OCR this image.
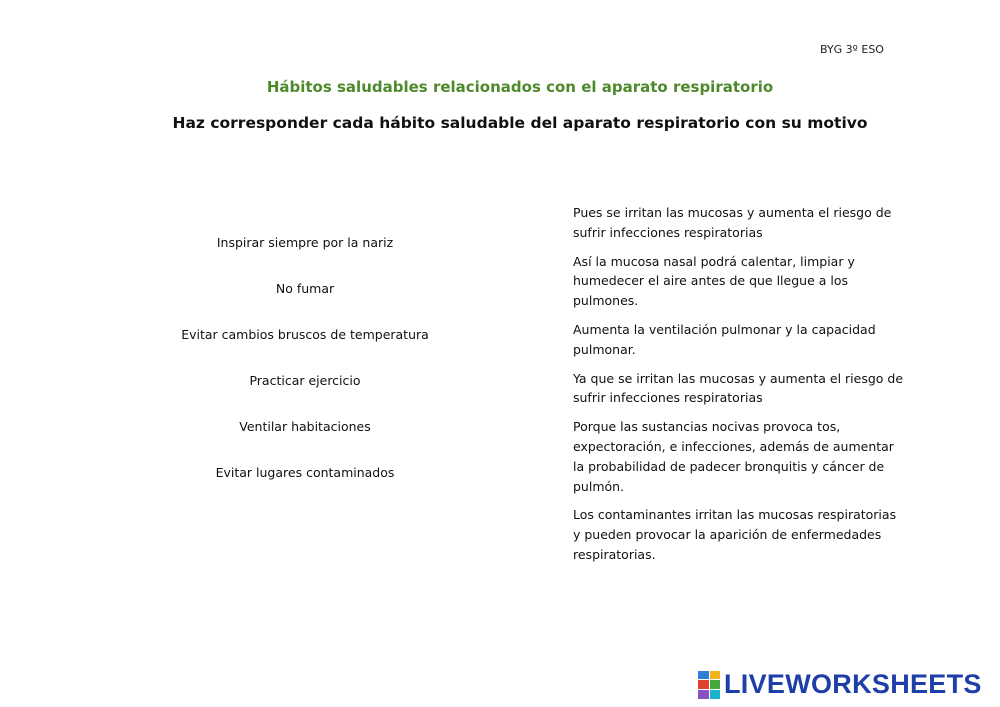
BYG 3º ESO
Hábitos saludables relacionados con el aparato respiratorio
Haz corresponder cada hábito saludable del aparato respiratorio con su motivo
Inspirar siempre por la nariz
No fumar
Evitar cambios bruscos de temperatura
Practicar ejercicio
Ventilar habitaciones
Evitar lugares contaminados
Pues se irritan las mucosas y aumenta el riesgo de sufrir infecciones respiratorias
Así la mucosa nasal podrá calentar, limpiar y humedecer el aire antes de que llegue a los pulmones.
Aumenta la ventilación pulmonar y la capacidad pulmonar.
Ya que se irritan las mucosas y aumenta el riesgo de sufrir infecciones respiratorias
Porque las sustancias nocivas provoca tos, expectoración, e infecciones, además de aumentar la probabilidad de padecer bronquitis y cáncer de pulmón.
Los contaminantes irritan las mucosas respiratorias y pueden provocar la aparición de enfermedades respiratorias.
LIVEWORKSHEETS
